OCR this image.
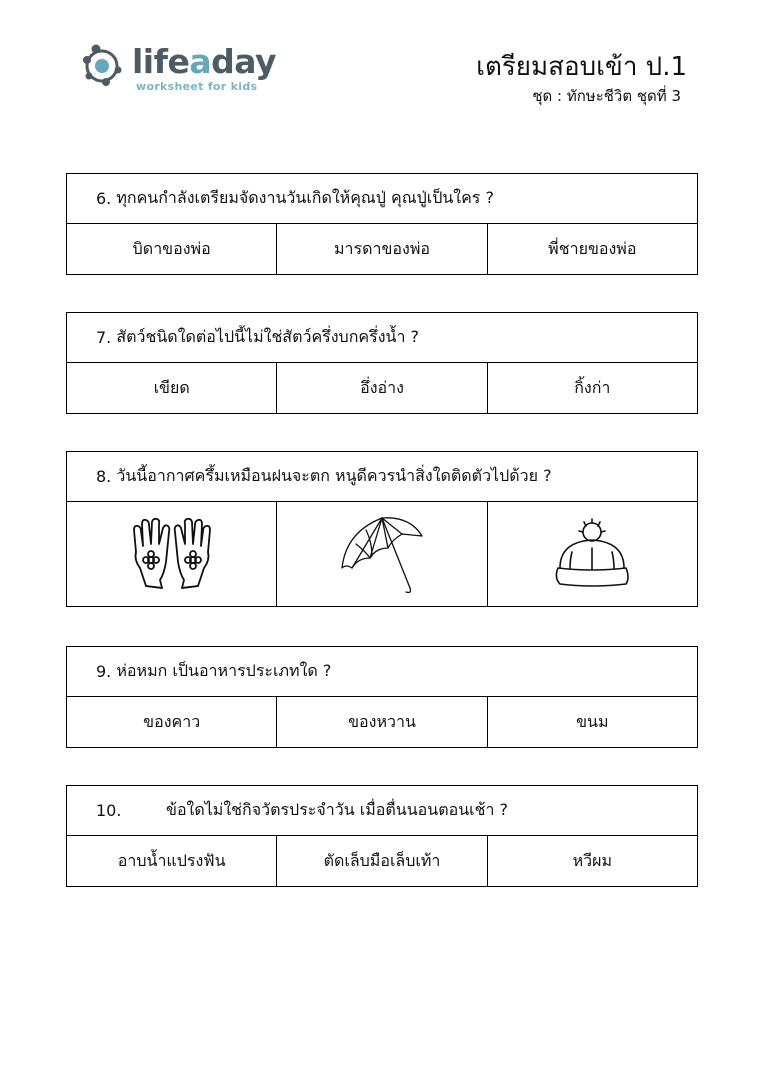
lifeaday
worksheet for kids
เตรียมสอบเข้า ป.1
ชุด : ทักษะชีวิต ชุดที่ 3
6.
ทุกคนกำลังเตรียมจัดงานวันเกิดให้คุณปู่ คุณปู่เป็นใคร ?
บิดาของพ่อ	มารดาของพ่อ	พี่ชายของพ่อ
7.
สัตว์ชนิดใดต่อไปนี้ไม่ใช่สัตว์ครึ่งบกครึ่งน้ำ ?
เขียด	อึ่งอ่าง	กิ้งก่า
8.
วันนี้อากาศครึ้มเหมือนฝนจะตก หนูดีควรนำสิ่งใดติดตัวไปด้วย ?
9.
ห่อหมก เป็นอาหารประเภทใด ?
ของคาว	ของหวาน	ขนม
10.	ข้อใดไม่ใช่กิจวัตรประจำวัน เมื่อตื่นนอนตอนเช้า ?
อาบน้ำแปรงฟัน	ตัดเล็บมือเล็บเท้า	หวีผม
